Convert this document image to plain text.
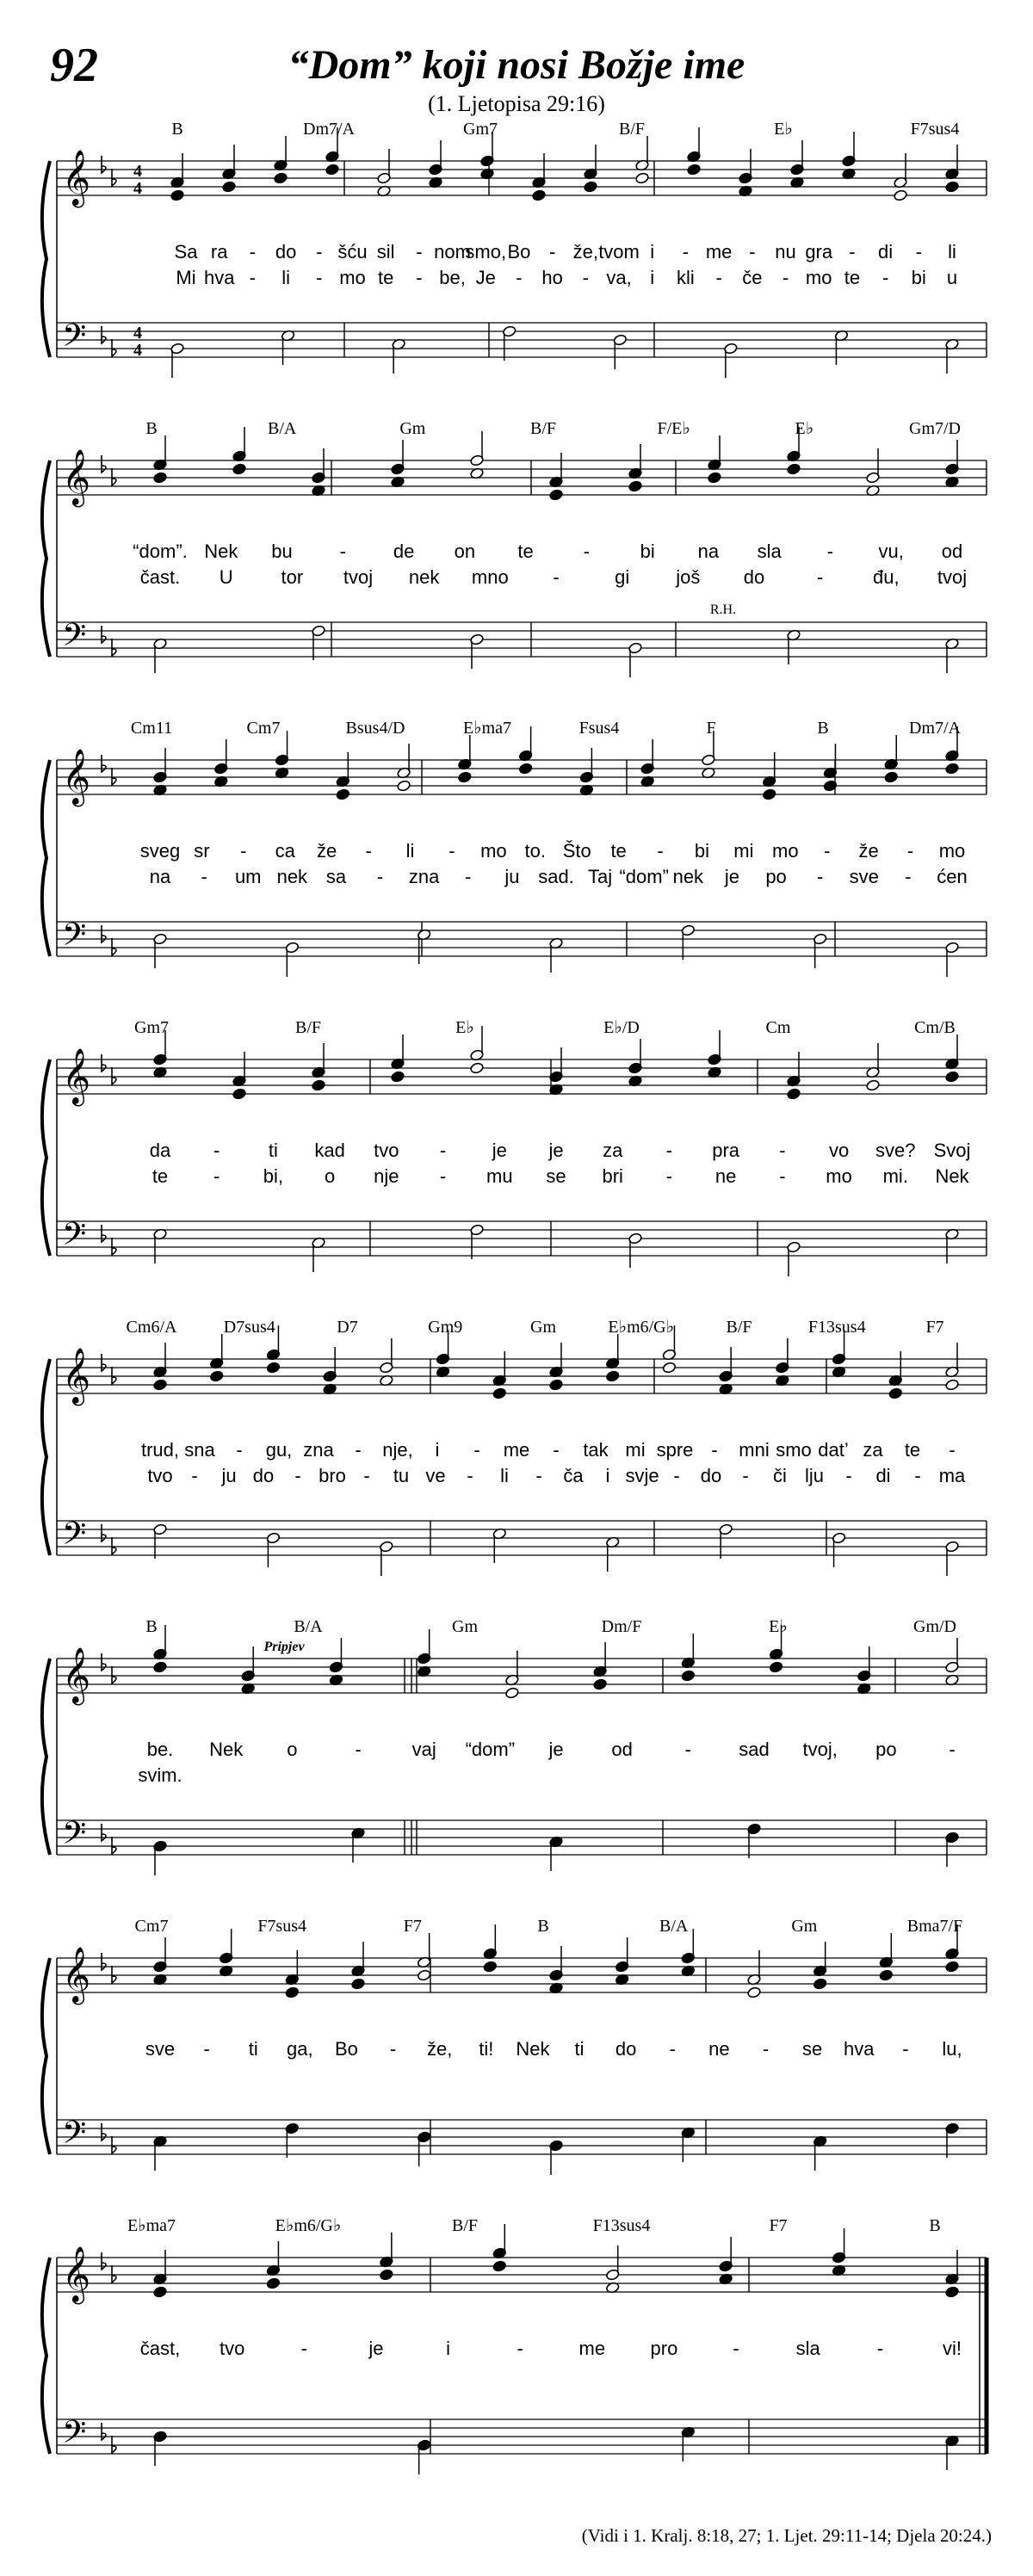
92	“Dom” koji nosi Božje ime

(1. Ljetopisa 29:16)

𝄞
𝄢
4
4
4
4
B	Dm7/A	Gm7	B/F	E♭	F7sus4
Sa ra - do - šću sil - nom
smo, Bo - že, tvom i - me - nu gra - di - li
Mi hva - li - mo te - be, Je - ho - va, i kli - če - mo te - bi u
𝄞
𝄢
B	B/A	Gm	B/F	F/E♭	E♭	Gm7/D
“dom”. Nek bu - de on te	-	bi na sla - vu, od
čast. U	tor tvoj nek mno -	gi još do	-	đu, tvoj
R.H.
𝄞
𝄢
Cm11	Cm7	Bsus4/D	E♭ma7	Fsus4	F	B	Dm7/A
sveg sr - ca že - li - mo to. Što te - bi mi mo - že - mo
na - um nek sa - zna - ju sad. Taj “dom” nek je po - sve - ćen
𝄞
𝄢
Gm7	B/F	E♭	E♭/D	Cm	Cm/B
da -	ti kad tvo - je je za - pra - vo sve? Svoj
te - bi, o nje - mu se bri - ne - mo mi. Nek
𝄞
𝄢
Cm6/A	D7sus4	D7	Gm9	Gm	E♭m6/G♭	B/F	F13sus4	F7
trud, sna - gu, zna - nje, i - me - tak mi spre - mni smo dat’ za te -
tvo - ju do - bro - tu ve - li - ča i svje - do - či lju - di - ma
𝄞
𝄢
B	B/A	Gm	Dm/F	E♭	Gm/D
be. Nek o	-	vaj “dom” je	od	-	sad tvoj, po	-
svim.
Pripjev
𝄞
𝄢
Cm7	F7sus4	F7	B	B/A	Gm	Bma7/F
sve - ti ga, Bo - že, ti! Nek ti do - ne - se hva - lu,
𝄞
𝄢
E♭ma7	E♭m6/G♭	B/F	F13sus4	F7	B
čast, tvo	-	je	i	-	me pro	-	sla	-	vi!

(Vidi i 1. Kralj. 8:18, 27; 1. Ljet. 29:11-14; Djela 20:24.)
